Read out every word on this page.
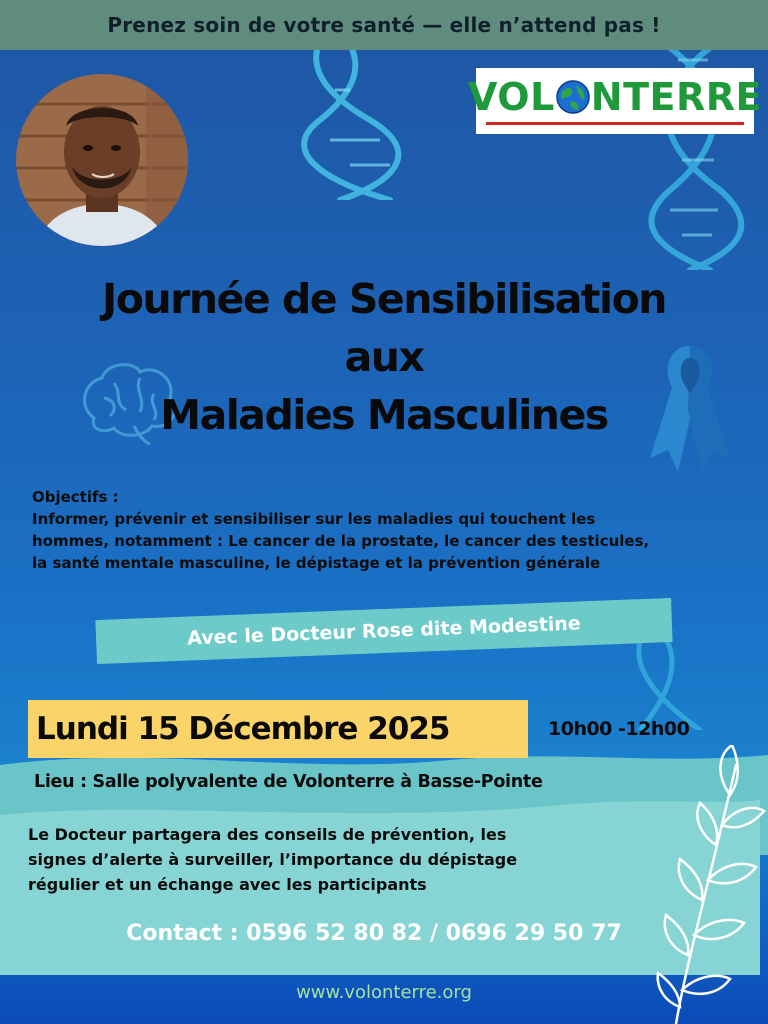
Prenez soin de votre santé — elle n’attend pas !
VOL NTERRE
Journée de Sensibilisation
aux
Maladies Masculines
Objectifs :
Informer, prévenir et sensibiliser sur les maladies qui touchent les
hommes, notamment : Le cancer de la prostate, le cancer des testicules,
la santé mentale masculine, le dépistage et la prévention générale
Avec le Docteur Rose dite Modestine
Lundi 15 Décembre 2025	10h00 -12h00
Lieu : Salle polyvalente de Volonterre à Basse-Pointe
Le Docteur partagera des conseils de prévention, les
signes d’alerte à surveiller, l’importance du dépistage
régulier et un échange avec les participants
Contact : 0596 52 80 82 / 0696 29 50 77
www.volonterre.org
